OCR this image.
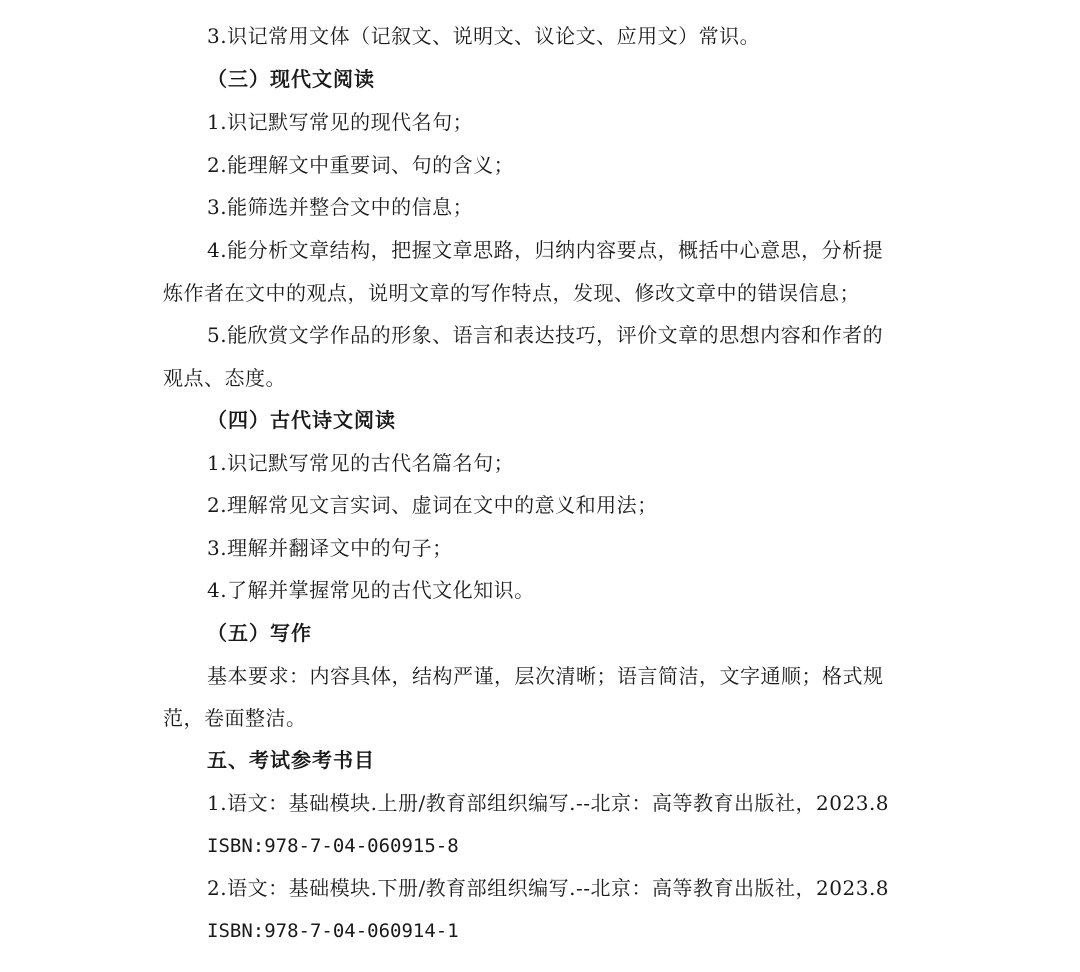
3.识记常用文体（记叙文、说明文、议论文、应用文）常识。
（三）现代文阅读
1.识记默写常见的现代名句；
2.能理解文中重要词、句的含义；
3.能筛选并整合文中的信息；
4.能分析文章结构，把握文章思路，归纳内容要点，概括中心意思，分析提
炼作者在文中的观点，说明文章的写作特点，发现、修改文章中的错误信息；
5.能欣赏文学作品的形象、语言和表达技巧，评价文章的思想内容和作者的
观点、态度。
（四）古代诗文阅读
1.识记默写常见的古代名篇名句；
2.理解常见文言实词、虚词在文中的意义和用法；
3.理解并翻译文中的句子；
4.了解并掌握常见的古代文化知识。
（五）写作
基本要求：内容具体，结构严谨，层次清晰；语言简洁，文字通顺；格式规
范，卷面整洁。
五、考试参考书目
1.语文：基础模块.上册/教育部组织编写.--北京：高等教育出版社，2023.8
ISBN:978-7-04-060915-8
2.语文：基础模块.下册/教育部组织编写.--北京：高等教育出版社，2023.8
ISBN:978-7-04-060914-1
